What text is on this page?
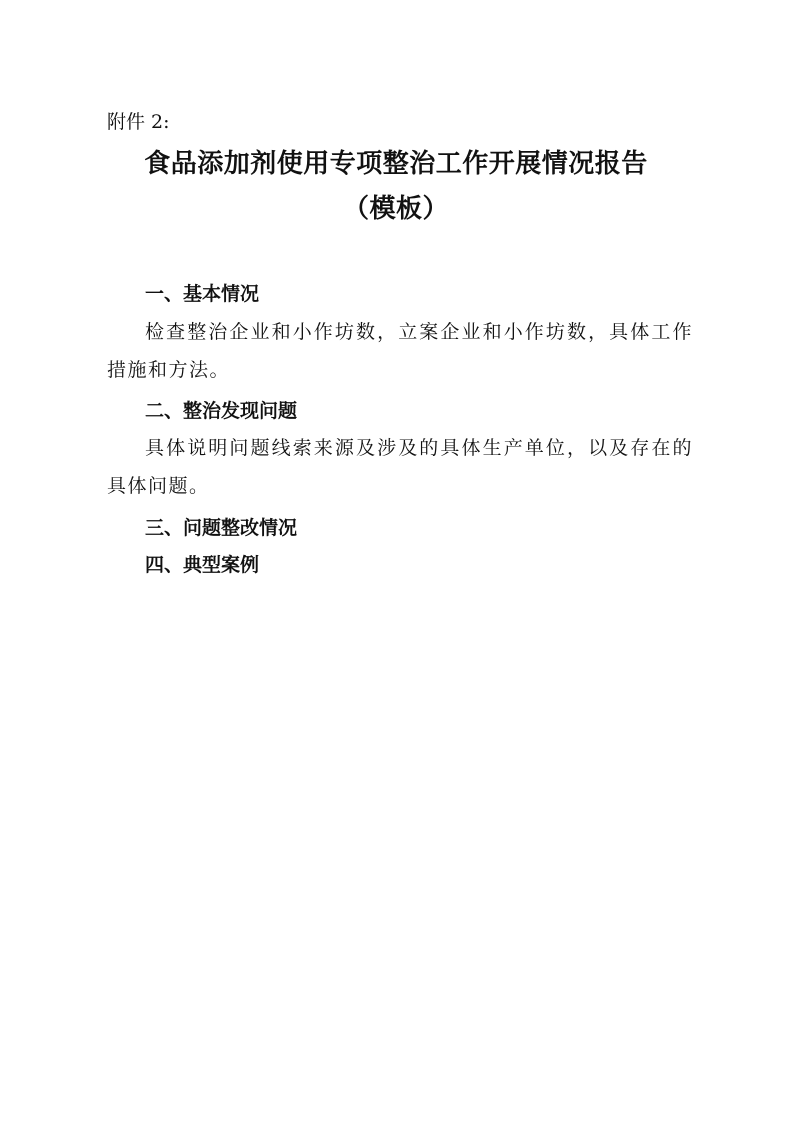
附件 2:
食品添加剂使用专项整治工作开展情况报告
（模板）
一、基本情况
检查整治企业和小作坊数，立案企业和小作坊数，具体工作措施和方法。
二、整治发现问题
具体说明问题线索来源及涉及的具体生产单位，以及存在的具体问题。
三、问题整改情况
四、典型案例
